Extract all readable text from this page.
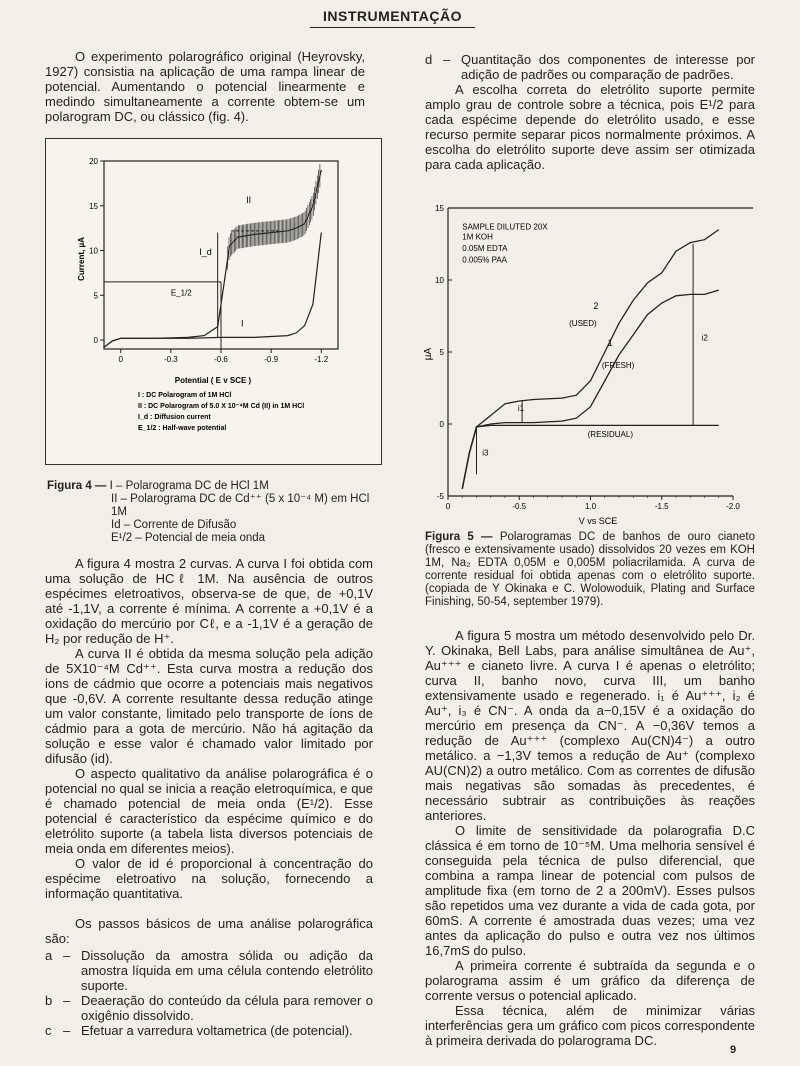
INSTRUMENTAÇÃO

O experimento polarográfico original (Heyrovsky, 1927) consistia na aplicação de uma rampa linear de potencial. Aumentando o potencial linearmente e medindo simultaneamente a corrente obtem-se um polarogram DC, ou clássico (fig. 4).

0	-0.3	-0.6	-0.9	-1.2
0
5
10
15
20
II
I
I_d
E_1/2
Potential ( E v SCE )
Current, µA
I : DC Polarogram of 1M HCl
II : DC Polarogram of 5.0 X 10⁻⁴M Cd (II) in 1M HCl
I_d : Diffusion current
E_1/2 : Half-wave potential
Figura 4 — I – Polarograma DC de HCl 1M
II – Polarograma DC de Cd⁺⁺ (5 x 10⁻⁴ M) em HCl 1M
Id – Corrente de Difusão
E¹/2 – Potencial de meia onda

A figura 4 mostra 2 curvas. A curva I foi obtida com uma solução de HCℓ 1M. Na ausência de outros espécimes eletroativos, observa-se de que, de +0,1V até -1,1V, a corrente é mínima. A corrente a +0,1V é a oxidação do mercúrio por Cℓ, e a -1,1V é a geração de H₂ por redução de H⁺.

A curva II é obtida da mesma solução pela adição de 5X10⁻⁴M Cd⁺⁺. Esta curva mostra a redução dos ions de cádmio que ocorre a potenciais mais negativos que -0,6V. A corrente resultante dessa redução atinge um valor constante, limitado pelo transporte de íons de cádmio para a gota de mercúrio. Não há agitação da solução e esse valor é chamado valor limitado por difusão (id).

O aspecto qualitativo da análise polarográfica é o potencial no qual se inicia a reação eletroquímica, e que é chamado potencial de meia onda (E¹/2). Esse potencial é característico da espécime químico e do eletrólito suporte (a tabela lista diversos potenciais de meia onda em diferentes meios).

O valor de id é proporcional à concentração do espécime eletroativo na solução, fornecendo a informação quantitativa.

Os passos básicos de uma análise polarográfica são:

a – Dissolução da amostra sólida ou adição da amostra líquida em uma célula contendo eletrólito suporte.
b – Deaeração do conteúdo da célula para remover o oxigênio dissolvido.
c – Efetuar a varredura voltametrica (de potencial).
d – Quantitação dos componentes de interesse por adição de padrões ou comparação de padrões.

A escolha correta do eletrólito suporte permite amplo grau de controle sobre a técnica, pois E¹/2 para cada espécime depende do eletrólito usado, e esse recurso permite separar picos normalmente próximos. A escolha do eletrólito suporte deve assim ser otimizada para cada aplicação.

0	-0.5	1.0	-1.5	-2.0
-5
0
5
10
15
SAMPLE DILUTED 20X
1M KOH
0.05M EDTA
0.005% PAA
2
(USED)
1
(FRESH)
(RESIDUAL)
i1
i2
i3
V vs SCE
µA
Figura 5 — Polarogramas DC de banhos de ouro cianeto (fresco e extensivamente usado) dissolvidos 20 vezes em KOH 1M, Na₂ EDTA 0,05M e 0,005M poliacrilamida. A curva de corrente residual foi obtida apenas com o eletrólito suporte. (copiada de Y Okinaka e C. Wolowoduik, Plating and Surface Finishing, 50-54, september 1979).

A figura 5 mostra um método desenvolvido pelo Dr. Y. Okinaka, Bell Labs, para análise simultânea de Au⁺, Au⁺⁺⁺ e cianeto livre. A curva I é apenas o eletrólito; curva II, banho novo, curva III, um banho extensivamente usado e regenerado. i₁ é Au⁺⁺⁺, i₂ é Au⁺, i₃ é CN⁻. A onda da a−0,15V é a oxidação do mercúrio em presença da CN⁻. A −0,36V temos a redução de Au⁺⁺⁺ (complexo Au(CN)4⁻) a outro metálico. a −1,3V temos a redução de Au⁺ (complexo AU(CN)2) a outro metálico. Com as correntes de difusão mais negativas são somadas às precedentes, é necessário subtrair as contribuições às reações anteriores.

O limite de sensitividade da polarografia D.C clássica é em torno de 10⁻⁵M. Uma melhoria sensível é conseguida pela técnica de pulso diferencial, que combina a rampa linear de potencial com pulsos de amplitude fixa (em torno de 2 a 200mV). Esses pulsos são repetidos uma vez durante a vida de cada gota, por 60mS. A corrente é amostrada duas vezes; uma vez antes da aplicação do pulso e outra vez nos últimos 16,7mS do pulso.

A primeira corrente é subtraída da segunda e o polarograma assim é um gráfico da diferença de corrente versus o potencial aplicado.

Essa técnica, além de minimizar várias interferências gera um gráfico com picos correspondente à primeira derivada do polarograma DC.

9
